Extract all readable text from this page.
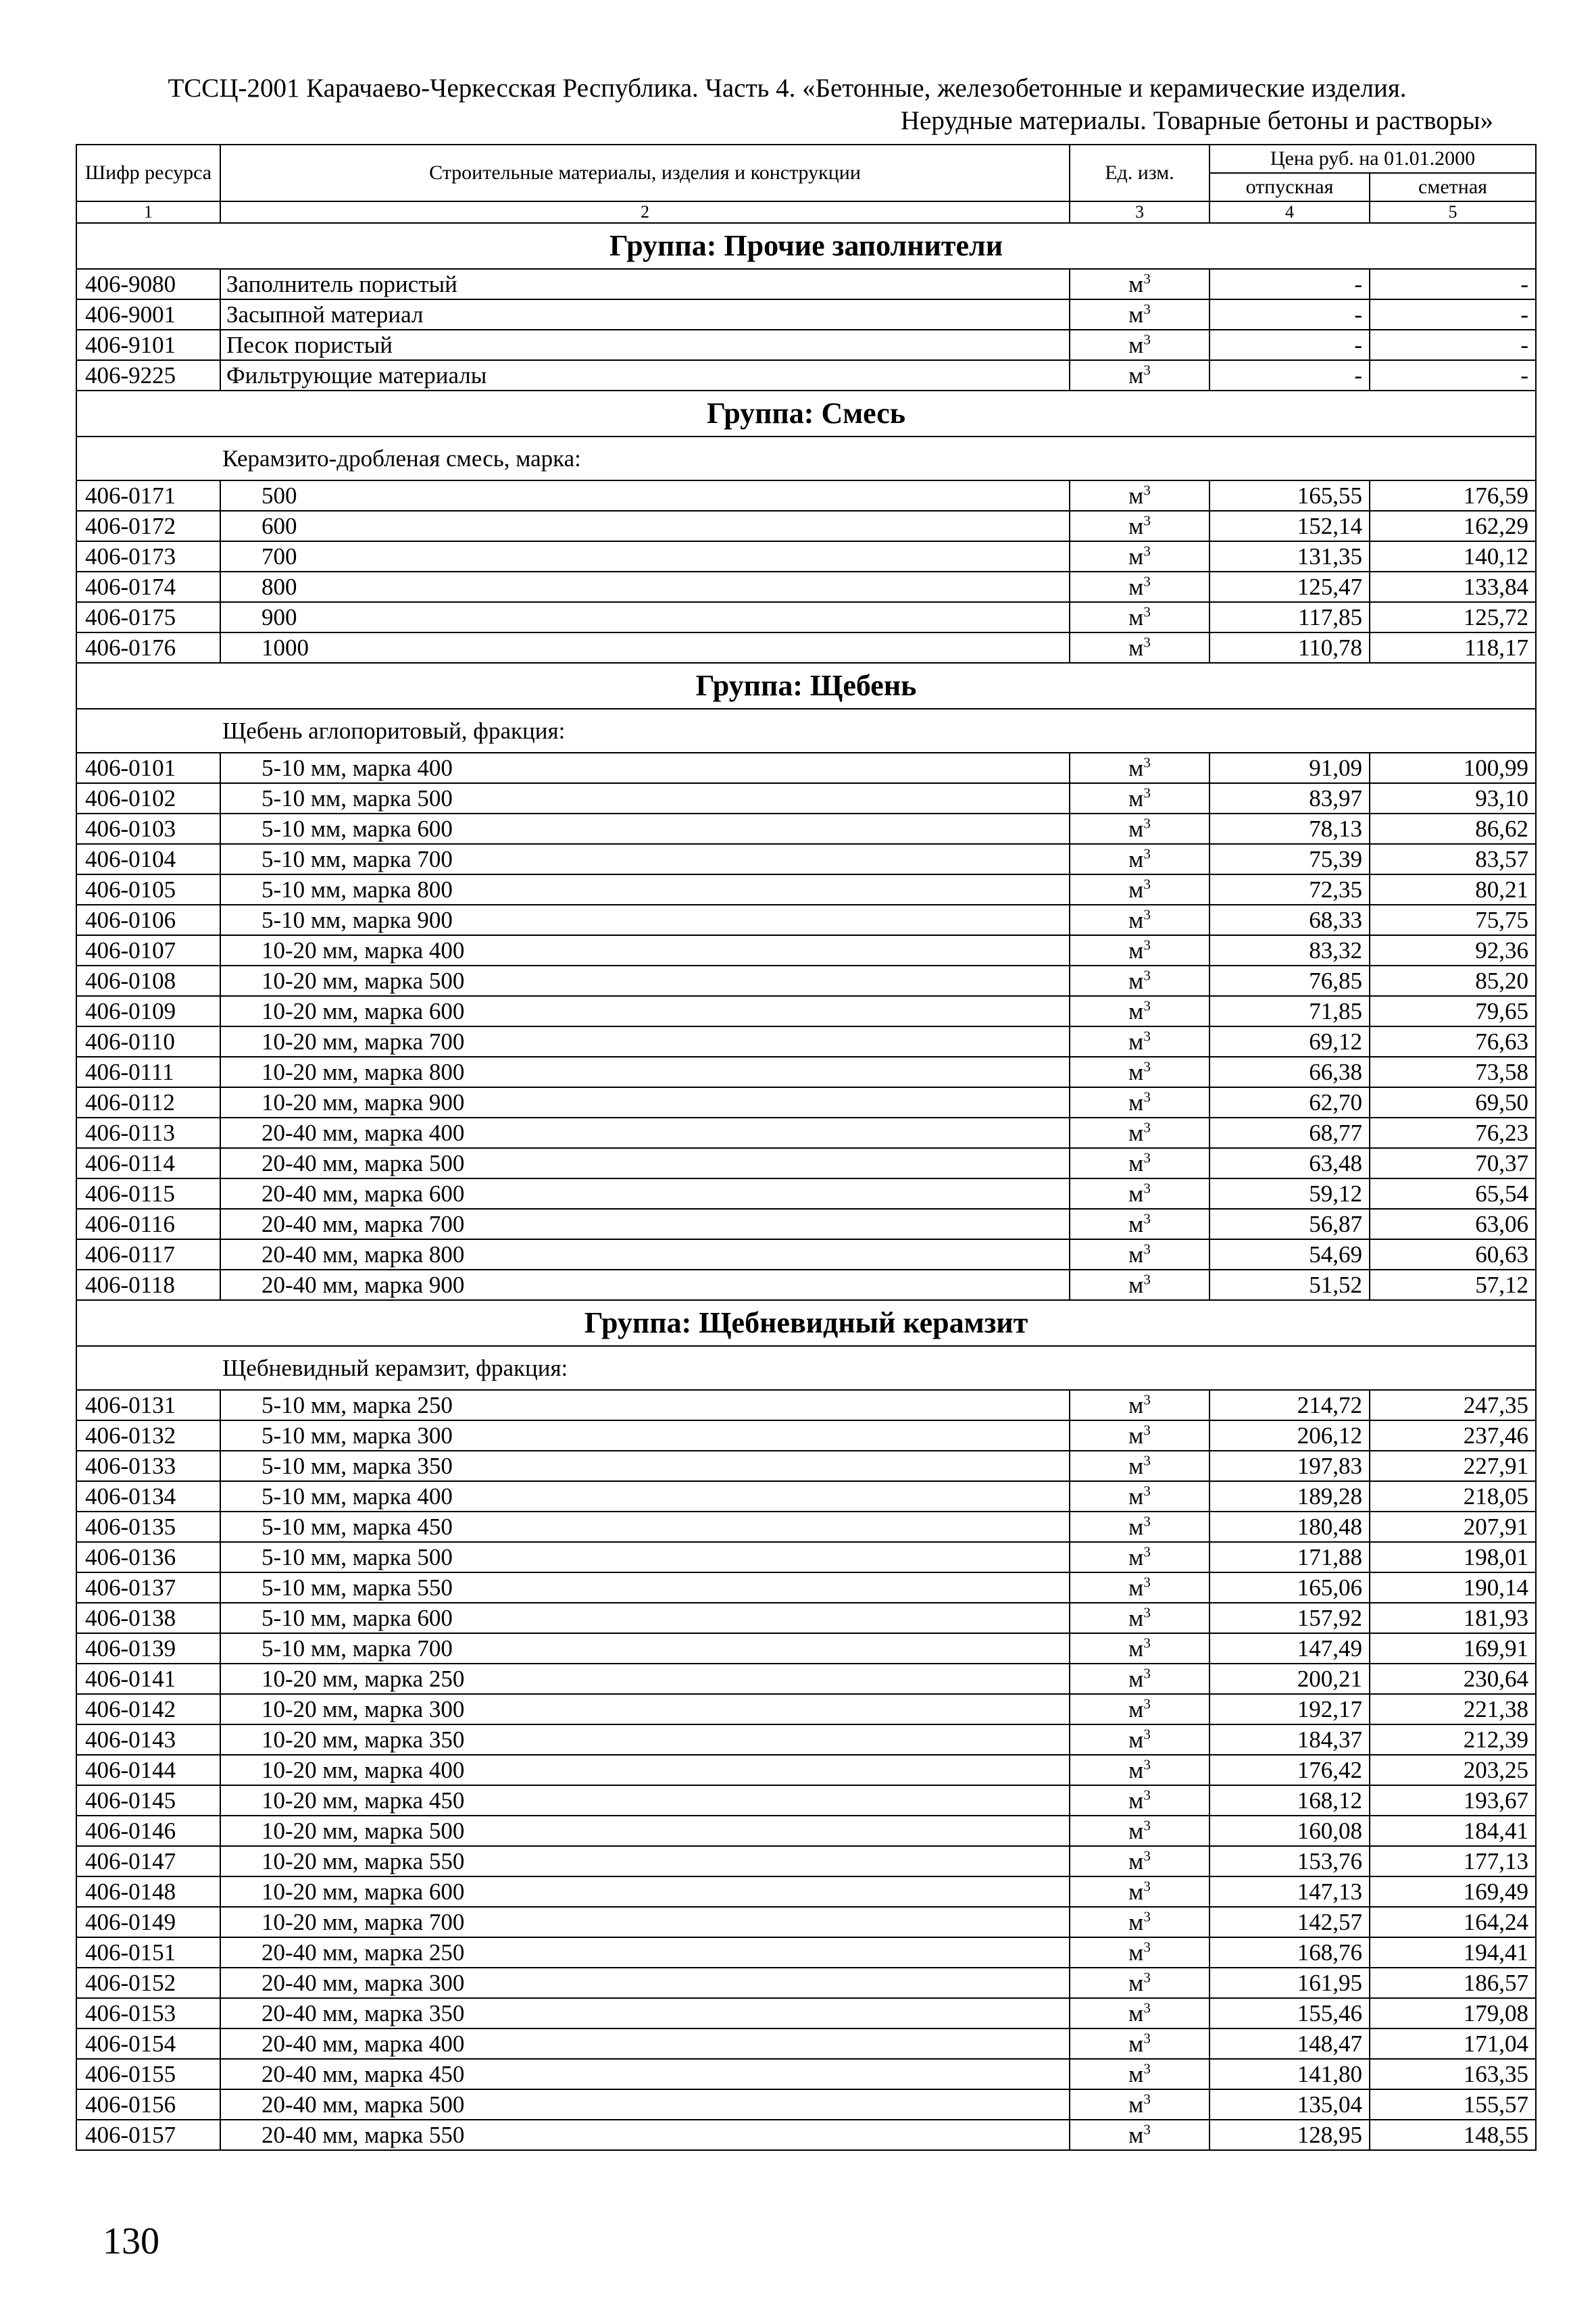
ТССЦ-2001 Карачаево-Черкесская Республика. Часть 4. «Бетонные, железобетонные и керамические изделия.
Нерудные материалы. Товарные бетоны и растворы»
Шифр ресурса	Строительные материалы, изделия и конструкции	Ед. изм.	Цена руб. на 01.01.2000	
			отпускная	сметная
1	2	3	4	5
Группа: Прочие заполнители				
406-9080	Заполнитель пористый	$м^3$	-	-
406-9001	Засыпной материал	$м^3$	-	-
406-9101	Песок пористый	$м^3$	-	-
406-9225	Фильтрующие материалы	$м^3$	-	-
Группа: Смесь				
Керамзито-дробленая смесь, марка:				
406-0171	500	$м^3$	165,55	176,59
406-0172	600	$м^3$	152,14	162,29
406-0173	700	$м^3$	131,35	140,12
406-0174	800	$м^3$	125,47	133,84
406-0175	900	$м^3$	117,85	125,72
406-0176	1000	$м^3$	110,78	118,17
Группа: Щебень				
Щебень аглопоритовый, фракция:				
406-0101	5-10 мм, марка 400	$м^3$	91,09	100,99
406-0102	5-10 мм, марка 500	$м^3$	83,97	93,10
406-0103	5-10 мм, марка 600	$м^3$	78,13	86,62
406-0104	5-10 мм, марка 700	$м^3$	75,39	83,57
406-0105	5-10 мм, марка 800	$м^3$	72,35	80,21
406-0106	5-10 мм, марка 900	$м^3$	68,33	75,75
406-0107	10-20 мм, марка 400	$м^3$	83,32	92,36
406-0108	10-20 мм, марка 500	$м^3$	76,85	85,20
406-0109	10-20 мм, марка 600	$м^3$	71,85	79,65
406-0110	10-20 мм, марка 700	$м^3$	69,12	76,63
406-0111	10-20 мм, марка 800	$м^3$	66,38	73,58
406-0112	10-20 мм, марка 900	$м^3$	62,70	69,50
406-0113	20-40 мм, марка 400	$м^3$	68,77	76,23
406-0114	20-40 мм, марка 500	$м^3$	63,48	70,37
406-0115	20-40 мм, марка 600	$м^3$	59,12	65,54
406-0116	20-40 мм, марка 700	$м^3$	56,87	63,06
406-0117	20-40 мм, марка 800	$м^3$	54,69	60,63
406-0118	20-40 мм, марка 900	$м^3$	51,52	57,12
Группа: Щебневидный керамзит				
Щебневидный керамзит, фракция:				
406-0131	5-10 мм, марка 250	$м^3$	214,72	247,35
406-0132	5-10 мм, марка 300	$м^3$	206,12	237,46
406-0133	5-10 мм, марка 350	$м^3$	197,83	227,91
406-0134	5-10 мм, марка 400	$м^3$	189,28	218,05
406-0135	5-10 мм, марка 450	$м^3$	180,48	207,91
406-0136	5-10 мм, марка 500	$м^3$	171,88	198,01
406-0137	5-10 мм, марка 550	$м^3$	165,06	190,14
406-0138	5-10 мм, марка 600	$м^3$	157,92	181,93
406-0139	5-10 мм, марка 700	$м^3$	147,49	169,91
406-0141	10-20 мм, марка 250	$м^3$	200,21	230,64
406-0142	10-20 мм, марка 300	$м^3$	192,17	221,38
406-0143	10-20 мм, марка 350	$м^3$	184,37	212,39
406-0144	10-20 мм, марка 400	$м^3$	176,42	203,25
406-0145	10-20 мм, марка 450	$м^3$	168,12	193,67
406-0146	10-20 мм, марка 500	$м^3$	160,08	184,41
406-0147	10-20 мм, марка 550	$м^3$	153,76	177,13
406-0148	10-20 мм, марка 600	$м^3$	147,13	169,49
406-0149	10-20 мм, марка 700	$м^3$	142,57	164,24
406-0151	20-40 мм, марка 250	$м^3$	168,76	194,41
406-0152	20-40 мм, марка 300	$м^3$	161,95	186,57
406-0153	20-40 мм, марка 350	$м^3$	155,46	179,08
406-0154	20-40 мм, марка 400	$м^3$	148,47	171,04
406-0155	20-40 мм, марка 450	$м^3$	141,80	163,35
406-0156	20-40 мм, марка 500	$м^3$	135,04	155,57
406-0157	20-40 мм, марка 550	$м^3$	128,95	148,55
130
